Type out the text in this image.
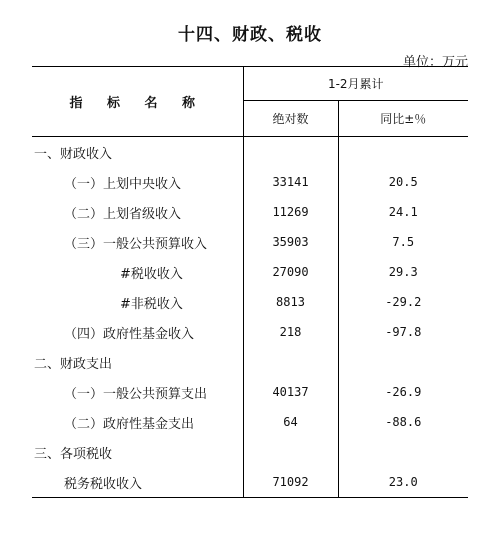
十四、财政、税收
单位：万元
指 标 名 称	1-2月累计	
	绝对数	同比±％
一、财政收入		
（一）上划中央收入	33141	20.5
（二）上划省级收入	11269	24.1
（三）一般公共预算收入	35903	7.5
#税收收入	27090	29.3
#非税收入	8813	-29.2
（四）政府性基金收入	218	-97.8
二、财政支出		
（一）一般公共预算支出	40137	-26.9
（二）政府性基金支出	64	-88.6
三、各项税收		
税务税收收入	71092	23.0
